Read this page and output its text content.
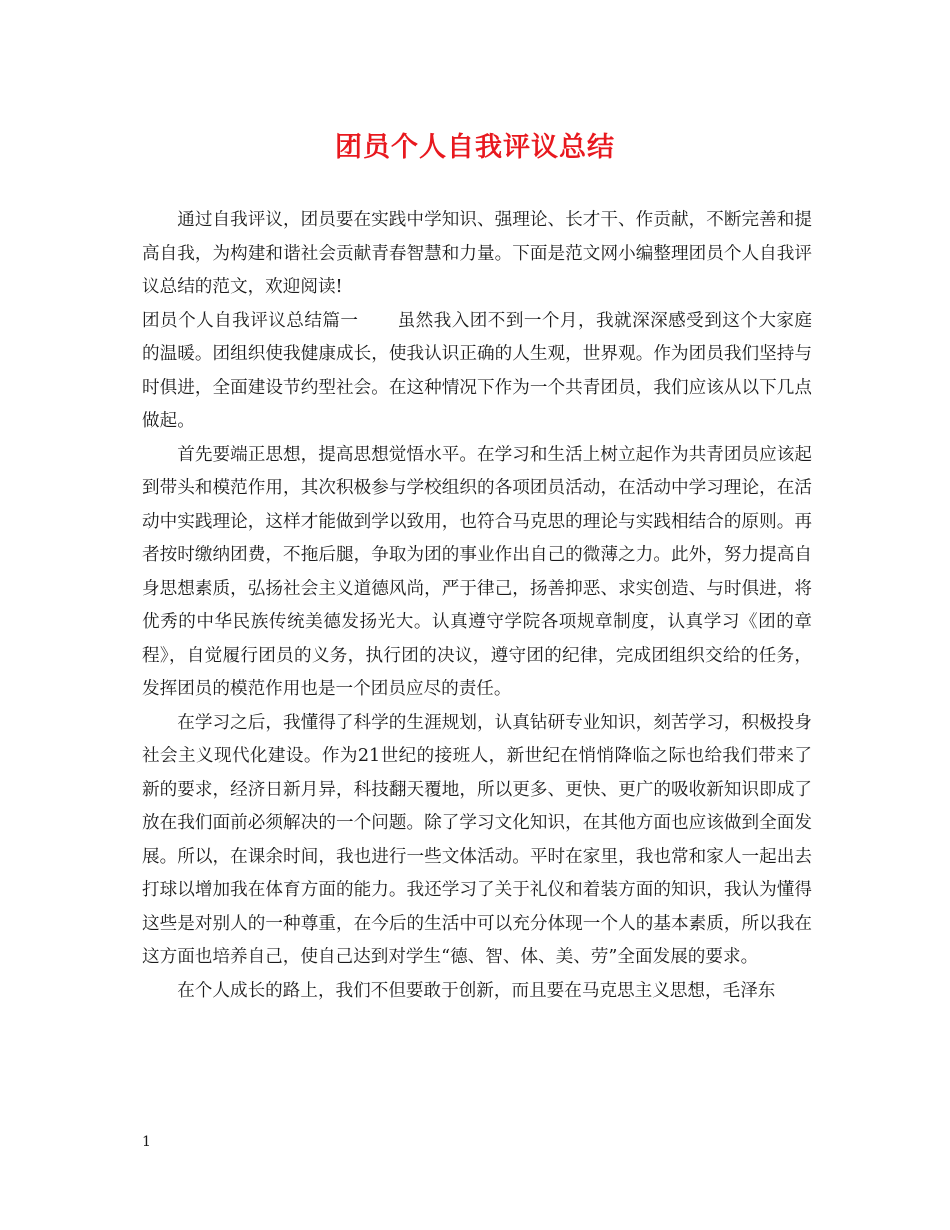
团员个人自我评议总结

通过自我评议，团员要在实践中学知识、强理论、长才干、作贡献，不断完善和提高自我，为构建和谐社会贡献青春智慧和力量。下面是范文网小编整理团员个人自我评议总结的范文，欢迎阅读!

团员个人自我评议总结篇一 虽然我入团不到一个月，我就深深感受到这个大家庭的温暖。团组织使我健康成长，使我认识正确的人生观，世界观。作为团员我们坚持与时俱进，全面建设节约型社会。在这种情况下作为一个共青团员，我们应该从以下几点做起。

首先要端正思想，提高思想觉悟水平。在学习和生活上树立起作为共青团员应该起到带头和模范作用，其次积极参与学校组织的各项团员活动，在活动中学习理论，在活动中实践理论，这样才能做到学以致用，也符合马克思的理论与实践相结合的原则。再者按时缴纳团费，不拖后腿，争取为团的事业作出自己的微薄之力。此外，努力提高自身思想素质，弘扬社会主义道德风尚，严于律己，扬善抑恶、求实创造、与时俱进，将优秀的中华民族传统美德发扬光大。认真遵守学院各项规章制度，认真学习《团的章程》，自觉履行团员的义务，执行团的决议，遵守团的纪律，完成团组织交给的任务，发挥团员的模范作用也是一个团员应尽的责任。

在学习之后，我懂得了科学的生涯规划，认真钻研专业知识，刻苦学习，积极投身社会主义现代化建设。作为21世纪的接班人，新世纪在悄悄降临之际也给我们带来了新的要求，经济日新月异，科技翻天覆地，所以更多、更快、更广的吸收新知识即成了放在我们面前必须解决的一个问题。除了学习文化知识，在其他方面也应该做到全面发展。所以，在课余时间，我也进行一些文体活动。平时在家里，我也常和家人一起出去打球以增加我在体育方面的能力。我还学习了关于礼仪和着装方面的知识，我认为懂得这些是对别人的一种尊重，在今后的生活中可以充分体现一个人的基本素质，所以我在这方面也培养自己，使自己达到对学生“德、智、体、美、劳”全面发展的要求。

在个人成长的路上，我们不但要敢于创新，而且要在马克思主义思想，毛泽东

1
